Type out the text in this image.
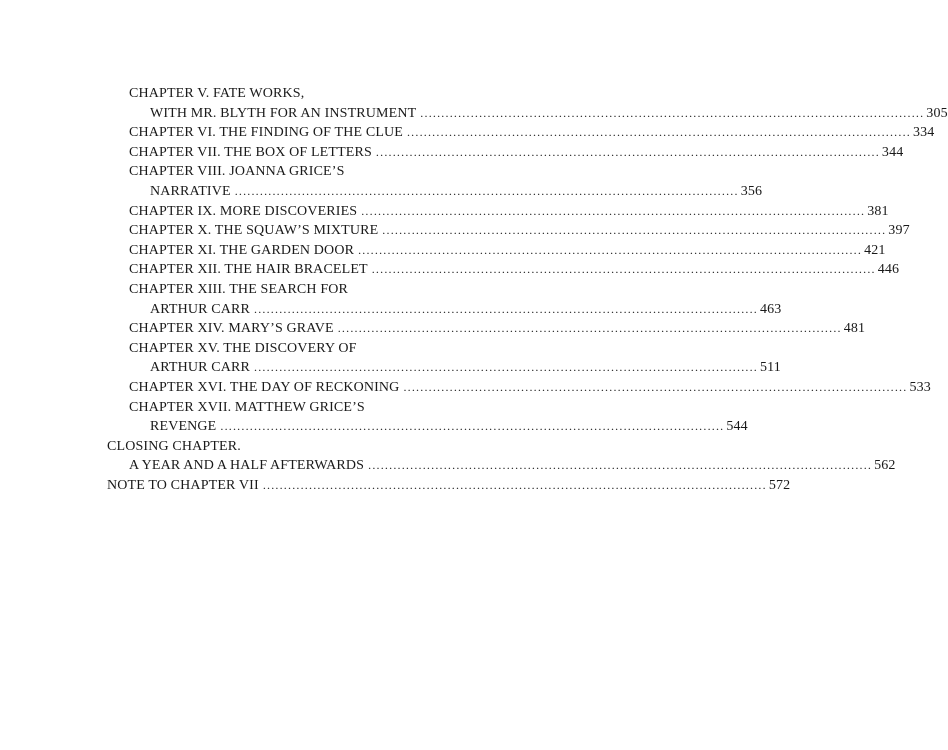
CHAPTER V. FATE WORKS,
WITH MR. BLYTH FOR AN INSTRUMENT ........................................................................................................................ 305
CHAPTER VI. THE FINDING OF THE CLUE ........................................................................................................................ 334
CHAPTER VII. THE BOX OF LETTERS ........................................................................................................................ 344
CHAPTER VIII. JOANNA GRICE’S
NARRATIVE ........................................................................................................................ 356
CHAPTER IX. MORE DISCOVERIES ........................................................................................................................ 381
CHAPTER X. THE SQUAW’S MIXTURE ........................................................................................................................ 397
CHAPTER XI. THE GARDEN DOOR ........................................................................................................................ 421
CHAPTER XII. THE HAIR BRACELET ........................................................................................................................ 446
CHAPTER XIII. THE SEARCH FOR
ARTHUR CARR ........................................................................................................................ 463
CHAPTER XIV. MARY’S GRAVE ........................................................................................................................ 481
CHAPTER XV. THE DISCOVERY OF
ARTHUR CARR ........................................................................................................................ 511
CHAPTER XVI. THE DAY OF RECKONING ........................................................................................................................ 533
CHAPTER XVII. MATTHEW GRICE’S
REVENGE ........................................................................................................................ 544
CLOSING CHAPTER.
A YEAR AND A HALF AFTERWARDS ........................................................................................................................ 562
NOTE TO CHAPTER VII ........................................................................................................................ 572
